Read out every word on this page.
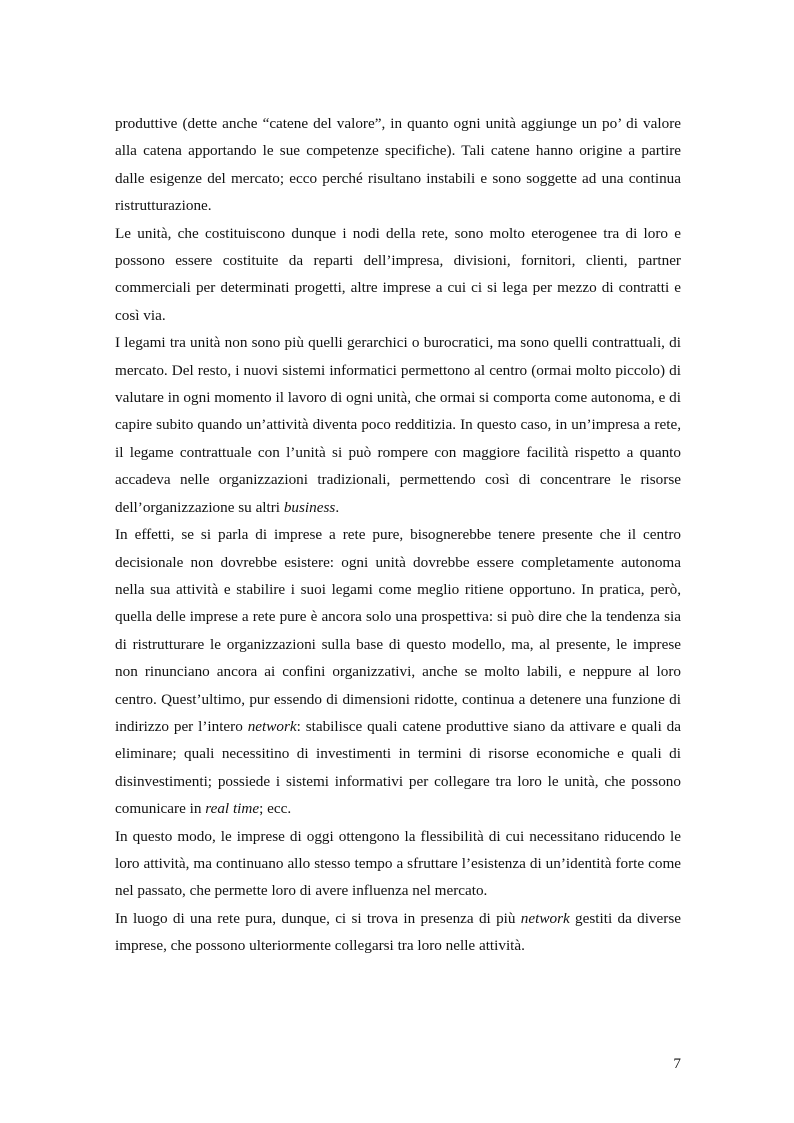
produttive (dette anche “catene del valore”, in quanto ogni unità aggiunge un po’ di valore alla catena apportando le sue competenze specifiche). Tali catene hanno origine a partire dalle esigenze del mercato; ecco perché risultano instabili e sono soggette ad una continua ristrutturazione.

Le unità, che costituiscono dunque i nodi della rete, sono molto eterogenee tra di loro e possono essere costituite da reparti dell’impresa, divisioni, fornitori, clienti, partner commerciali per determinati progetti, altre imprese a cui ci si lega per mezzo di contratti e così via.

I legami tra unità non sono più quelli gerarchici o burocratici, ma sono quelli contrattuali, di mercato. Del resto, i nuovi sistemi informatici permettono al centro (ormai molto piccolo) di valutare in ogni momento il lavoro di ogni unità, che ormai si comporta come autonoma, e di capire subito quando un’attività diventa poco redditizia. In questo caso, in un’impresa a rete, il legame contrattuale con l’unità si può rompere con maggiore facilità rispetto a quanto accadeva nelle organizzazioni tradizionali, permettendo così di concentrare le risorse dell’organizzazione su altri business.

In effetti, se si parla di imprese a rete pure, bisognerebbe tenere presente che il centro decisionale non dovrebbe esistere: ogni unità dovrebbe essere completamente autonoma nella sua attività e stabilire i suoi legami come meglio ritiene opportuno. In pratica, però, quella delle imprese a rete pure è ancora solo una prospettiva: si può dire che la tendenza sia di ristrutturare le organizzazioni sulla base di questo modello, ma, al presente, le imprese non rinunciano ancora ai confini organizzativi, anche se molto labili, e neppure al loro centro. Quest’ultimo, pur essendo di dimensioni ridotte, continua a detenere una funzione di indirizzo per l’intero network: stabilisce quali catene produttive siano da attivare e quali da eliminare; quali necessitino di investimenti in termini di risorse economiche e quali di disinvestimenti; possiede i sistemi informativi per collegare tra loro le unità, che possono comunicare in real time; ecc.

In questo modo, le imprese di oggi ottengono la flessibilità di cui necessitano riducendo le loro attività, ma continuano allo stesso tempo a sfruttare l’esistenza di un’identità forte come nel passato, che permette loro di avere influenza nel mercato.

In luogo di una rete pura, dunque, ci si trova in presenza di più network gestiti da diverse imprese, che possono ulteriormente collegarsi tra loro nelle attività.

7
